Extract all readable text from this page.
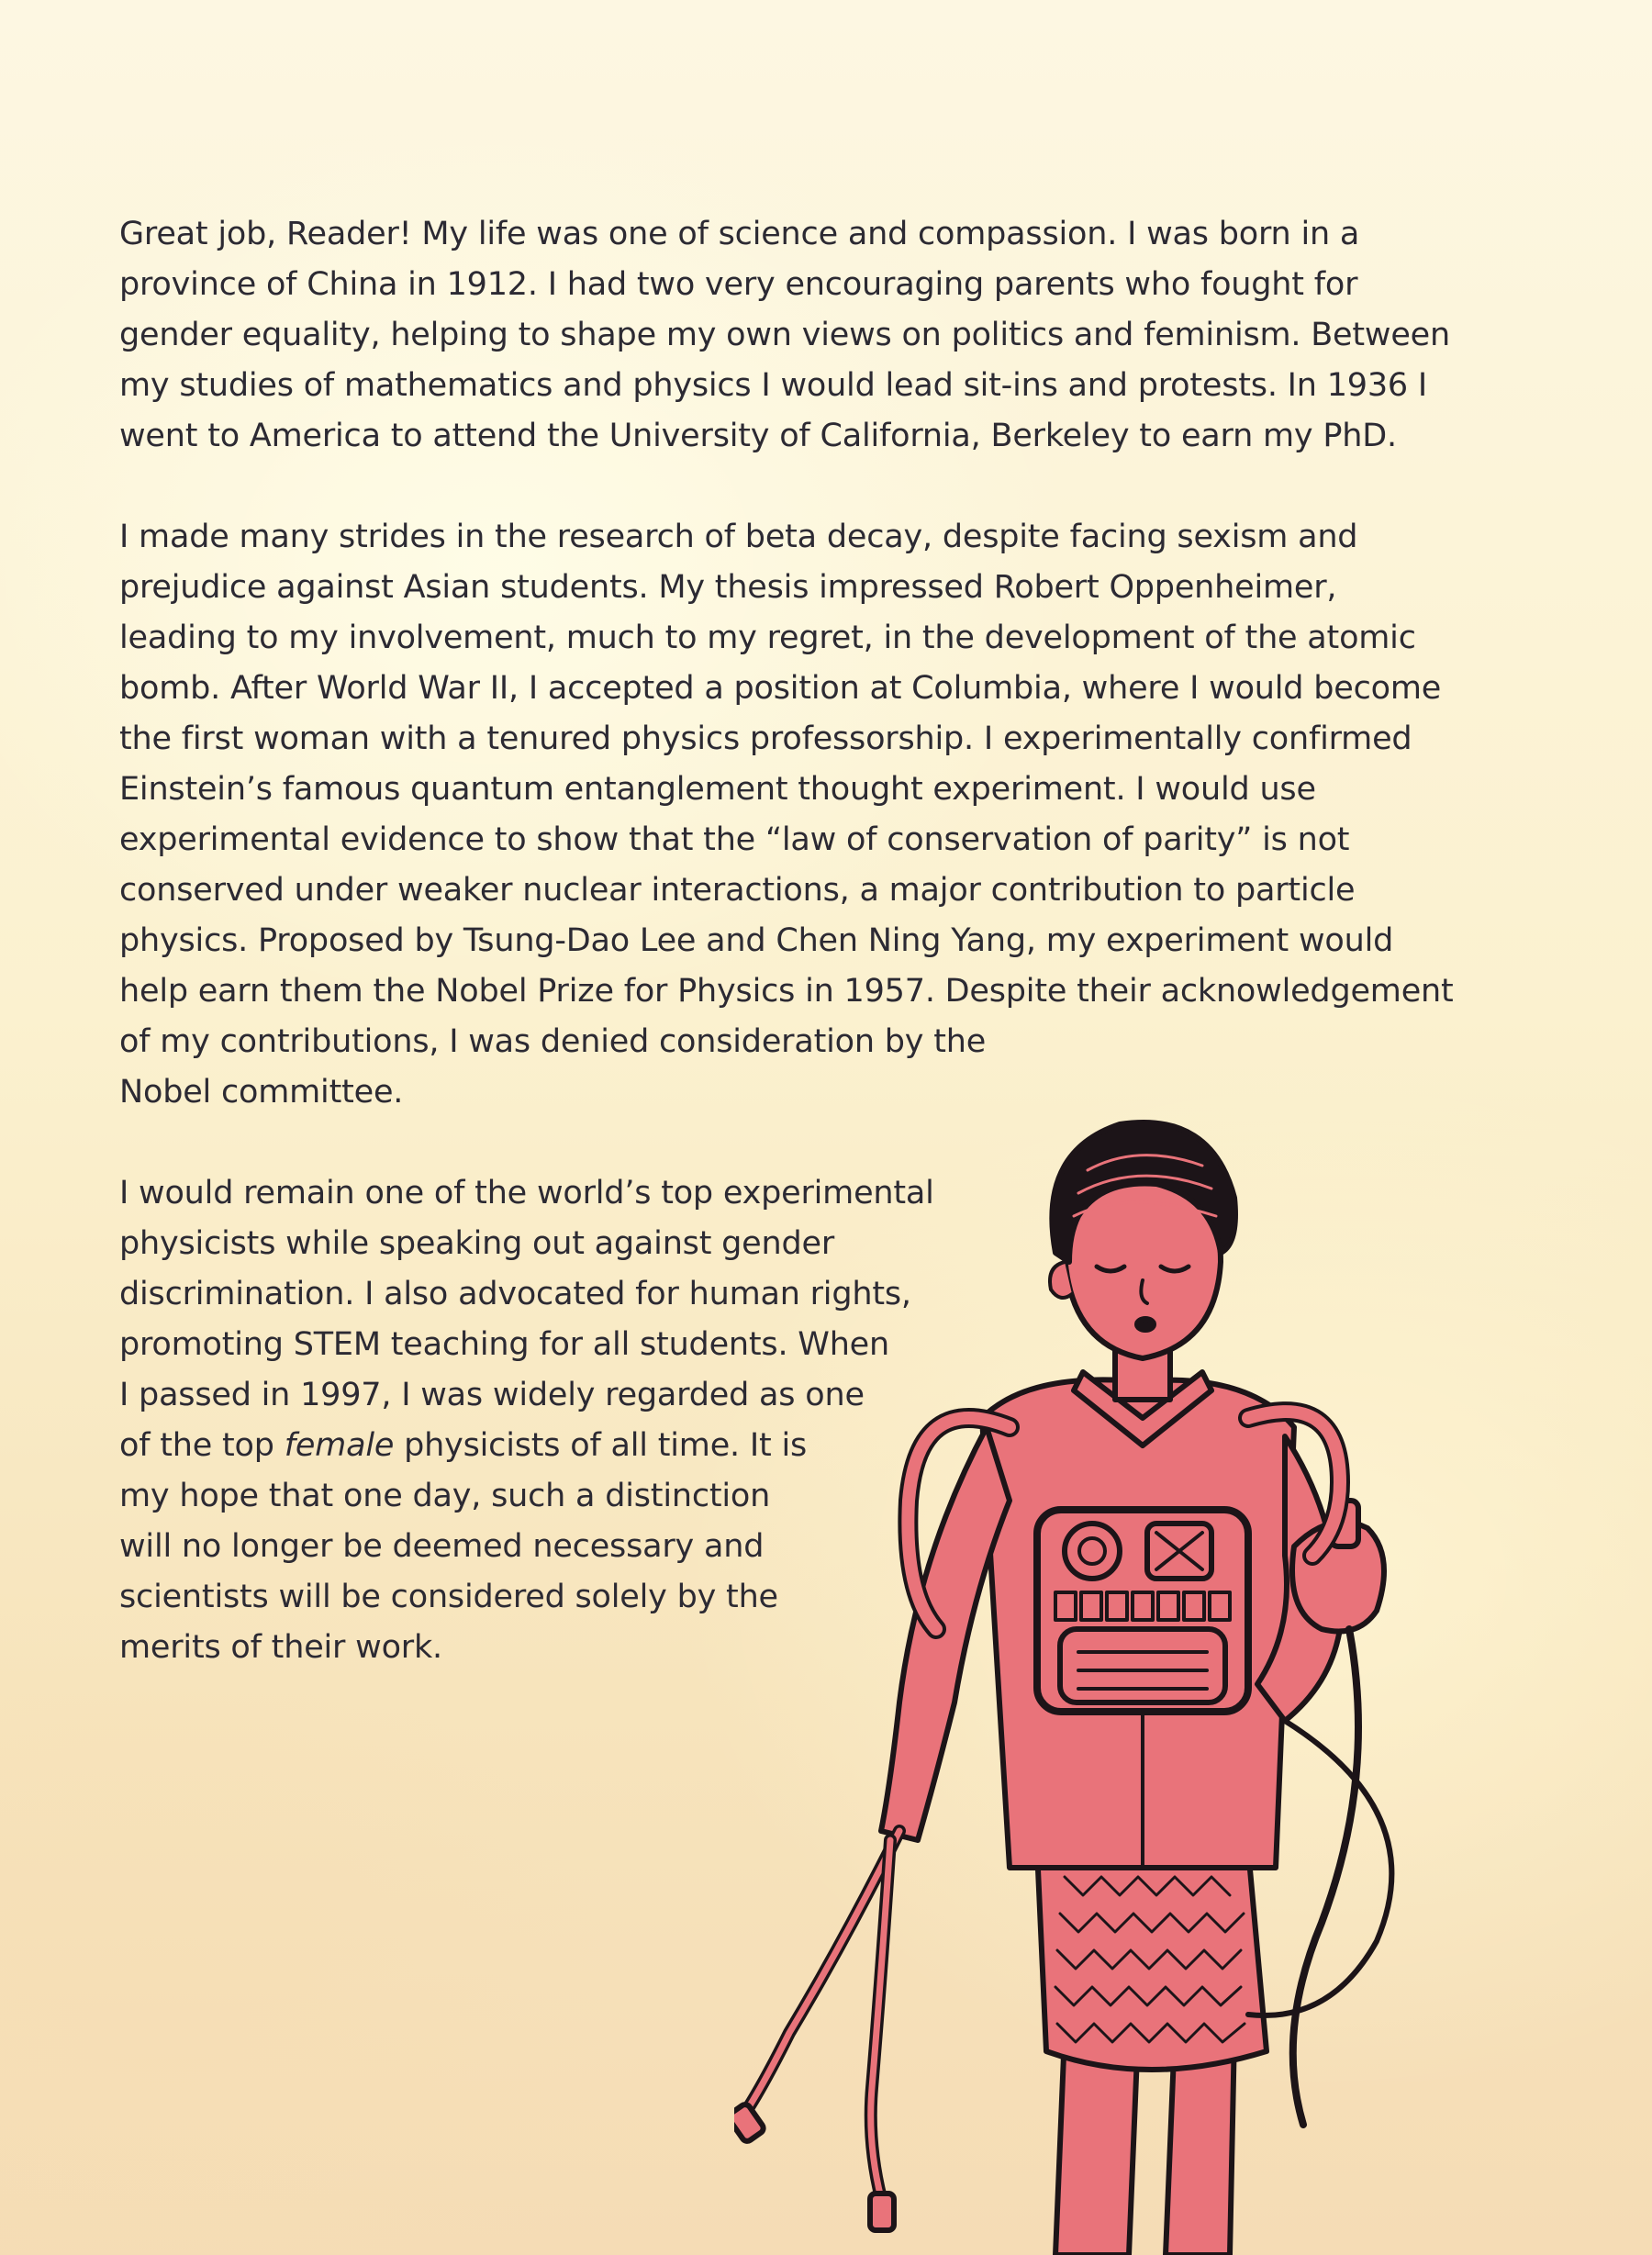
Great job, Reader! My life was one of science and compassion. I was born in a
province of China in 1912. I had two very encouraging parents who fought for
gender equality, helping to shape my own views on politics and feminism. Between
my studies of mathematics and physics I would lead sit-ins and protests. In 1936 I
went to America to attend the University of California, Berkeley to earn my PhD.

I made many strides in the research of beta decay, despite facing sexism and
prejudice against Asian students. My thesis impressed Robert Oppenheimer,
leading to my involvement, much to my regret, in the development of the atomic
bomb. After World War II, I accepted a position at Columbia, where I would become
the first woman with a tenured physics professorship. I experimentally confirmed
Einstein’s famous quantum entanglement thought experiment. I would use
experimental evidence to show that the “law of conservation of parity” is not
conserved under weaker nuclear interactions, a major contribution to particle
physics. Proposed by Tsung-Dao Lee and Chen Ning Yang, my experiment would
help earn them the Nobel Prize for Physics in 1957. Despite their acknowledgement
of my contributions, I was denied consideration by the
Nobel committee.

I would remain one of the world’s top experimental
physicists while speaking out against gender
discrimination. I also advocated for human rights,
promoting STEM teaching for all students. When
I passed in 1997, I was widely regarded as one
of the top female physicists of all time. It is
my hope that one day, such a distinction
will no longer be deemed necessary and
scientists will be considered solely by the
merits of their work.
